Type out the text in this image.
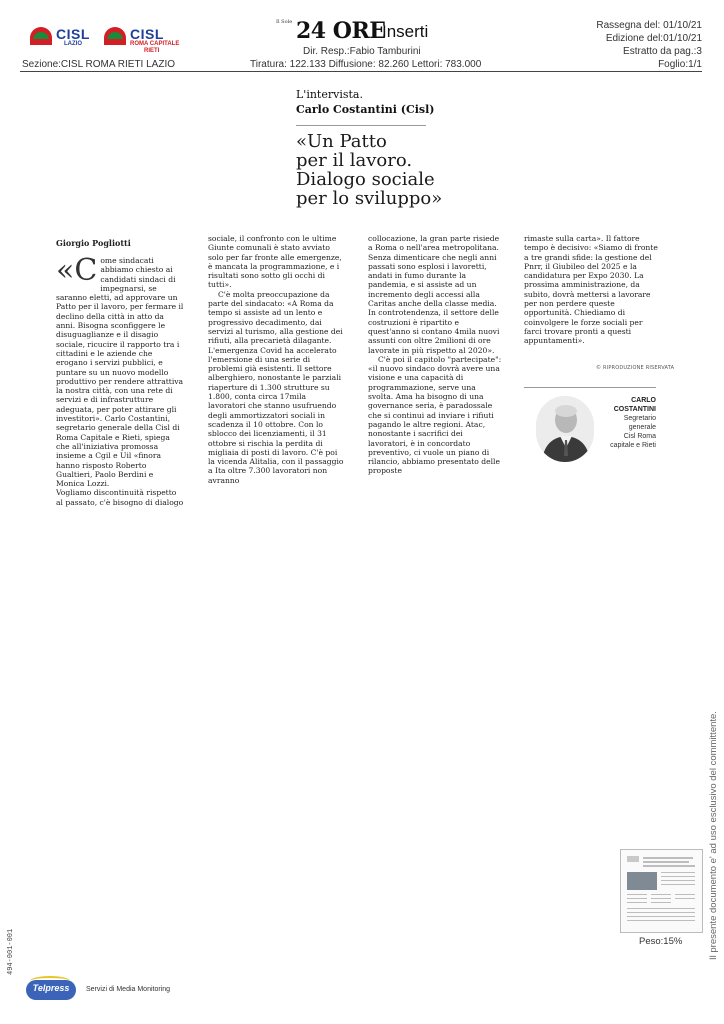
CISL
LAZIO
CISL
ROMA CAPITALE
RIETI
Il Sole 24 ORE
Inserti
Dir. Resp.:Fabio Tamburini
Tiratura: 122.133 Diffusione: 82.260 Lettori: 783.000
Sezione:CISL ROMA RIETI LAZIO
Rassegna del: 01/10/21
Edizione del:01/10/21
Estratto da pag.:3
Foglio:1/1
L'intervista.
Carlo Costantini (Cisl)
«Un Patto
per il lavoro.
Dialogo sociale
per lo sviluppo»
Giorgio Pogliotti
«C ome sindacati abbiamo chiesto ai candidati sindaci di impegnarsi, se saranno eletti, ad approvare un Patto per il lavoro, per fermare il declino della città in atto da anni. Bisogna sconfiggere le disuguaglianze e il disagio sociale, ricucire il rapporto tra i cittadini e le aziende che erogano i servizi pubblici, e puntare su un nuovo modello produttivo per rendere attrattiva la nostra città, con una rete di servizi e di infrastrutture adeguata, per poter attirare gli investitori». Carlo Costantini, segretario generale della Cisl di Roma Capitale e Rieti, spiega che all'iniziativa promossa insieme a Cgil e Uil «finora hanno risposto Roberto Gualtieri, Paolo Berdini e Monica Lozzi.

Vogliamo discontinuità rispetto al passato, c'è bisogno di dialogo

sociale, il confronto con le ultime Giunte comunali è stato avviato solo per far fronte alle emergenze, è mancata la programmazione, e i risultati sono sotto gli occhi di tutti».

C'è molta preoccupazione da parte del sindacato: «A Roma da tempo si assiste ad un lento e progressivo decadimento, dai servizi al turismo, alla gestione dei rifiuti, alla precarietà dilagante. L'emergenza Covid ha accelerato l'emersione di una serie di problemi già esistenti. Il settore alberghiero, nonostante le parziali riaperture di 1.300 strutture su 1.800, conta circa 17mila lavoratori che stanno usufruendo degli ammortizzatori sociali in scadenza il 10 ottobre. Con lo sblocco dei licenziamenti, il 31 ottobre si rischia la perdita di migliaia di posti di lavoro. C'è poi la vicenda Alitalia, con il passaggio a Ita oltre 7.300 lavoratori non avranno

collocazione, la gran parte risiede a Roma o nell'area metropolitana. Senza dimenticare che negli anni passati sono esplosi i lavoretti, andati in fumo durante la pandemia, e si assiste ad un incremento degli accessi alla Caritas anche della classe media. In controtendenza, il settore delle costruzioni è ripartito e quest'anno si contano 4mila nuovi assunti con oltre 2milioni di ore lavorate in più rispetto al 2020».

C'è poi il capitolo "partecipate": «il nuovo sindaco dovrà avere una visione e una capacità di programmazione, serve una svolta. Ama ha bisogno di una governance seria, è paradossale che si continui ad inviare i rifiuti pagando le altre regioni. Atac, nonostante i sacrifici dei lavoratori, è in concordato preventivo, ci vuole un piano di rilancio, abbiamo presentato delle proposte

rimaste sulla carta». Il fattore tempo è decisivo: «Siamo di fronte a tre grandi sfide: la gestione del Pnrr, il Giubileo del 2025 e la candidatura per Expo 2030. La prossima amministrazione, da subito, dovrà mettersi a lavorare per non perdere queste opportunità. Chiediamo di coinvolgere le forze sociali per farci trovare pronti a questi appuntamenti».

© RIPRODUZIONE RISERVATA
CARLO
COSTANTINI
Segretario
generale
Cisl Roma
capitale e Rieti
Peso:15%	Il presente documento e' ad uso esclusivo del committente.
494-001-001
Telpress	Servizi di Media Monitoring
